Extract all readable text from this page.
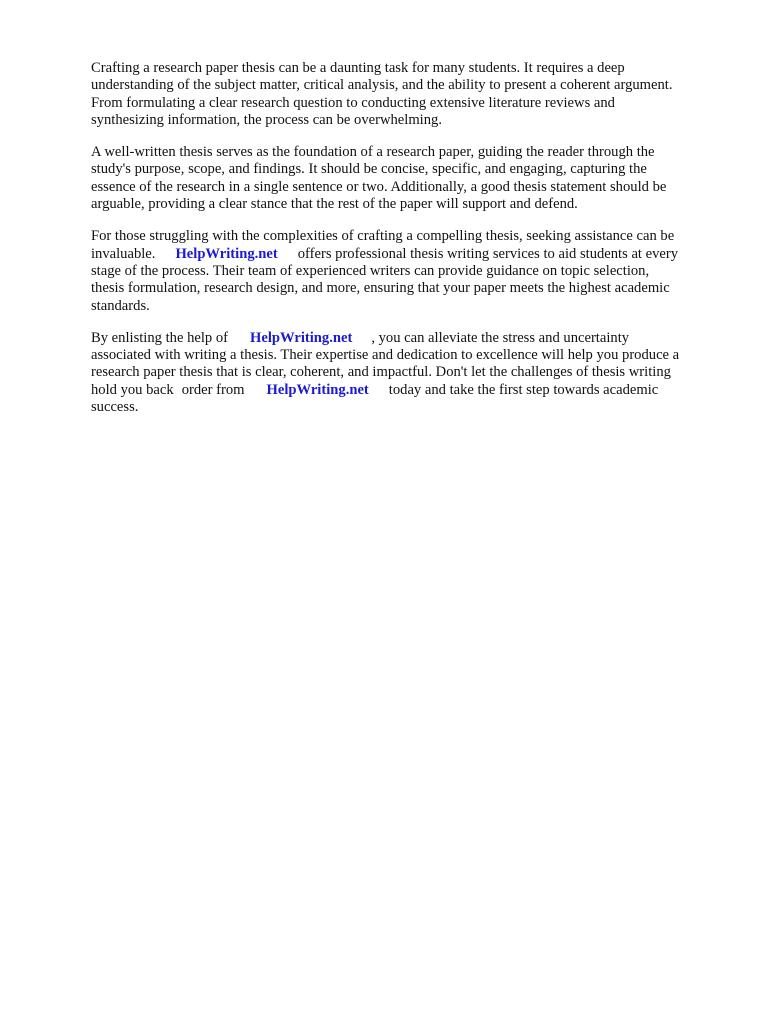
Crafting a research paper thesis can be a daunting task for many students. It requires a deep
understanding of the subject matter, critical analysis, and the ability to present a coherent argument.
From formulating a clear research question to conducting extensive literature reviews and
synthesizing information, the process can be overwhelming.

A well-written thesis serves as the foundation of a research paper, guiding the reader through the
study's purpose, scope, and findings. It should be concise, specific, and engaging, capturing the
essence of the research in a single sentence or two. Additionally, a good thesis statement should be
arguable, providing a clear stance that the rest of the paper will support and defend.

For those struggling with the complexities of crafting a compelling thesis, seeking assistance can be
invaluable. HelpWriting.net offers professional thesis writing services to aid students at every
stage of the process. Their team of experienced writers can provide guidance on topic selection,
thesis formulation, research design, and more, ensuring that your paper meets the highest academic
standards.

By enlisting the help of HelpWriting.net , you can alleviate the stress and uncertainty
associated with writing a thesis. Their expertise and dedication to excellence will help you produce a
research paper thesis that is clear, coherent, and impactful. Don't let the challenges of thesis writing
hold you back order from HelpWriting.net today and take the first step towards academic
success.
